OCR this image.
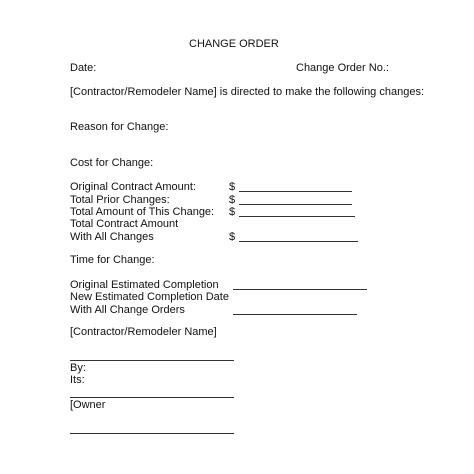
CHANGE ORDER
Date:	Change Order No.:
[Contractor/Remodeler Name] is directed to make the following changes:
Reason for Change:
Cost for Change:
Original Contract Amount:	$
Total Prior Changes:	$
Total Amount of This Change: $
Total Contract Amount
With All Changes	$
Time for Change:
Original Estimated Completion
New Estimated Completion Date
With All Change Orders
[Contractor/Remodeler Name]
By:
Its:
[Owner
